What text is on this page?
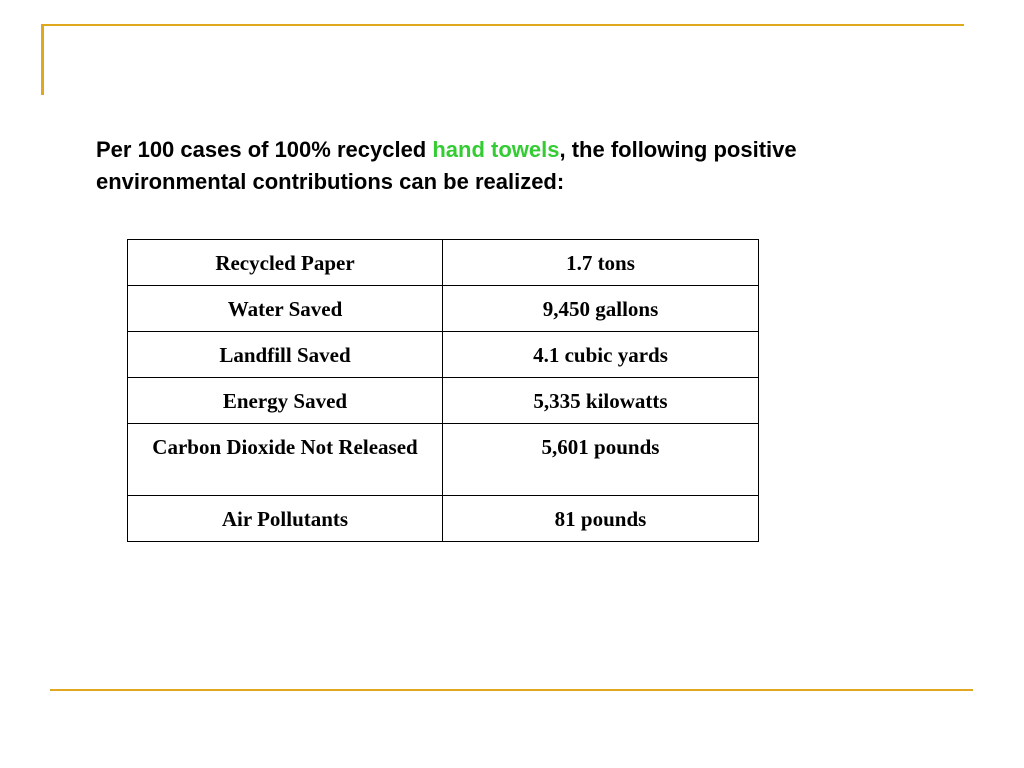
Per 100 cases of 100% recycled hand towels, the following positive environmental contributions can be realized:
Recycled Paper	1.7 tons
Water Saved	9,450 gallons
Landfill Saved	4.1 cubic yards
Energy Saved	5,335 kilowatts
Carbon Dioxide Not Released	5,601 pounds
Air Pollutants	81 pounds
